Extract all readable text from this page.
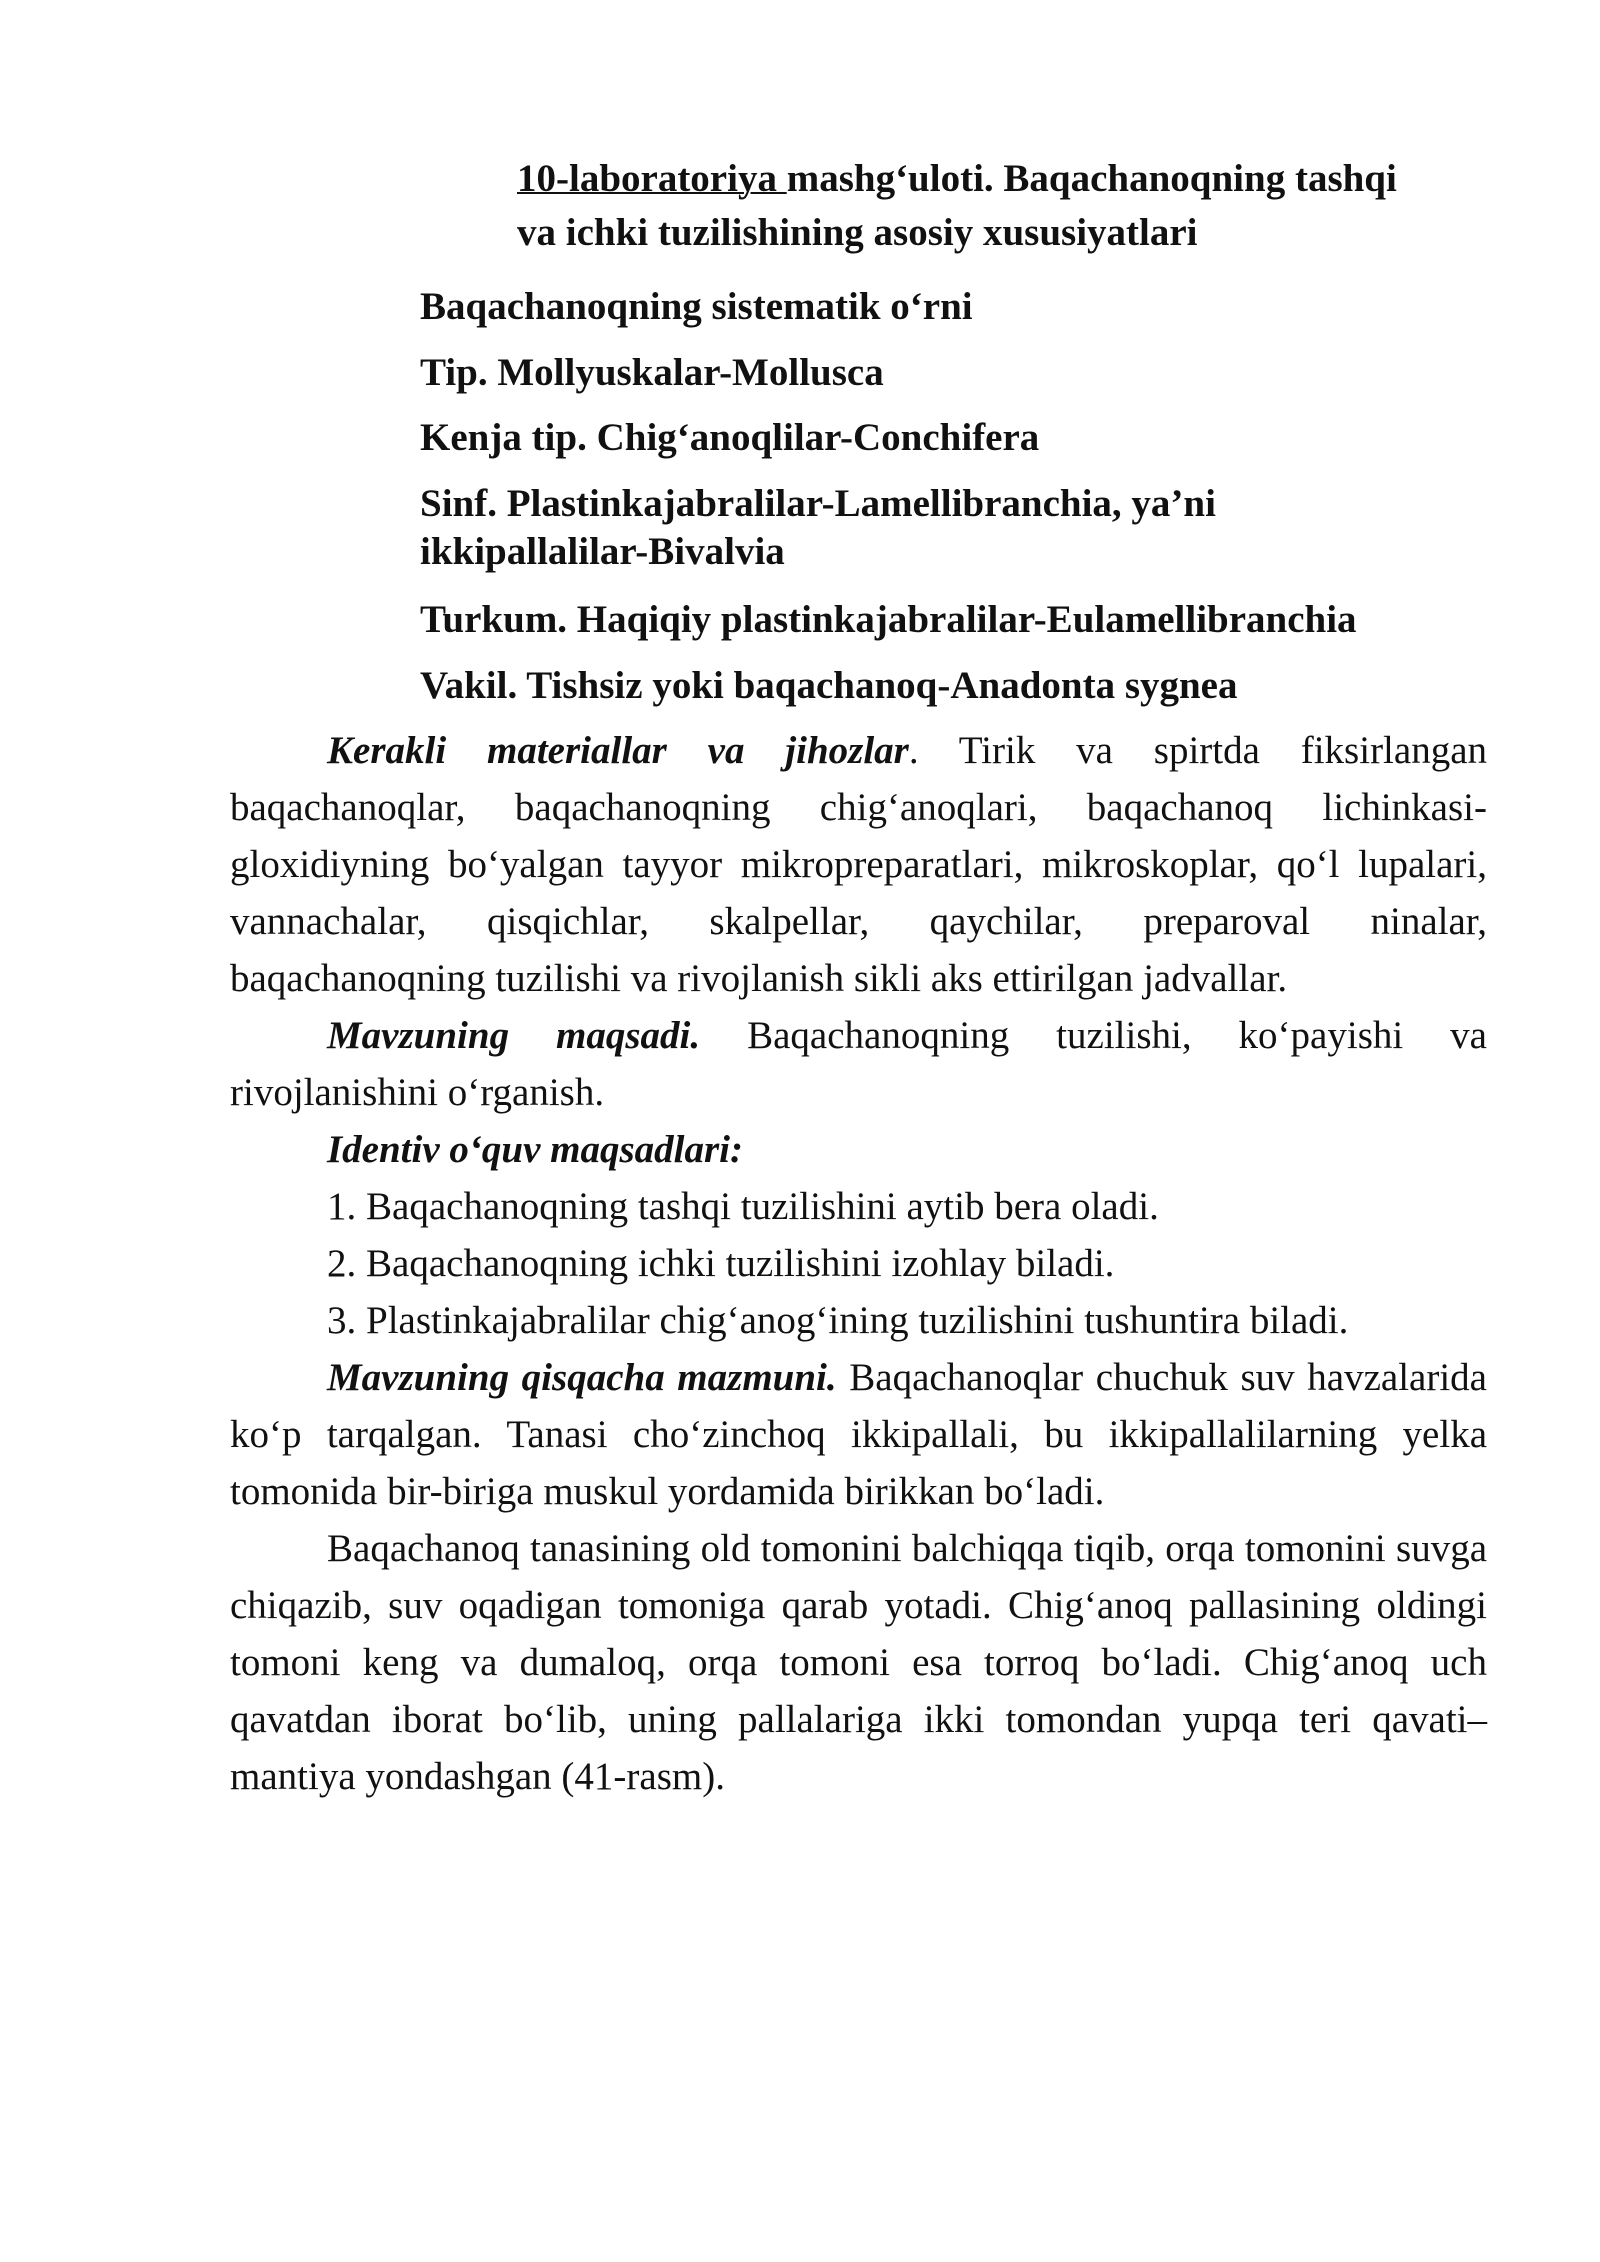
10-laboratoriya mashg‘uloti. Baqachanoqning tashqi
va ichki tuzilishining asosiy xususiyatlari
Baqachanoqning sistematik o‘rni
Tip. Mollyuskalar-Mollusca
Kenja tip. Chig‘anoqlilar-Conchifera
Sinf. Plastinkajabralilar-Lamellibranchia, ya’ni
ikkipallalilar-Bivalvia
Turkum. Haqiqiy plastinkajabralilar-Eulamellibranchia
Vakil. Tishsiz yoki baqachanoq-Anadonta sygnea

Kerakli materiallar va jihozlar. Tirik va spirtda fiksirlangan baqachanoqlar, baqachanoqning chig‘anoqlari, baqachanoq lichinkasi-gloxidiyning bo‘yalgan tayyor mikropreparatlari, mikroskoplar, qo‘l lupalari, vannachalar, qisqichlar, skalpellar, qaychilar, preparoval ninalar, baqachanoqning tuzilishi va rivojlanish sikli aks ettirilgan jadvallar.

Mavzuning maqsadi. Baqachanoqning tuzilishi, ko‘payishi va rivojlanishini o‘rganish.

Identiv o‘quv maqsadlari:

1. Baqachanoqning tashqi tuzilishini aytib bera oladi.

2. Baqachanoqning ichki tuzilishini izohlay biladi.

3. Plastinkajabralilar chig‘anog‘ining tuzilishini tushuntira biladi.

Mavzuning qisqacha mazmuni. Baqachanoqlar chuchuk suv havzalarida ko‘p tarqalgan. Tanasi cho‘zinchoq ikkipallali, bu ikkipallalilarning yelka tomonida bir-biriga muskul yordamida birikkan bo‘ladi.

Baqachanoq tanasining old tomonini balchiqqa tiqib, orqa tomonini suvga chiqazib, suv oqadigan tomoniga qarab yotadi. Chig‘anoq pallasining oldingi tomoni keng va dumaloq, orqa tomoni esa torroq bo‘ladi. Chig‘anoq uch qavatdan iborat bo‘lib, uning pallalariga ikki tomondan yupqa teri qavati–mantiya yondashgan (41-rasm).
